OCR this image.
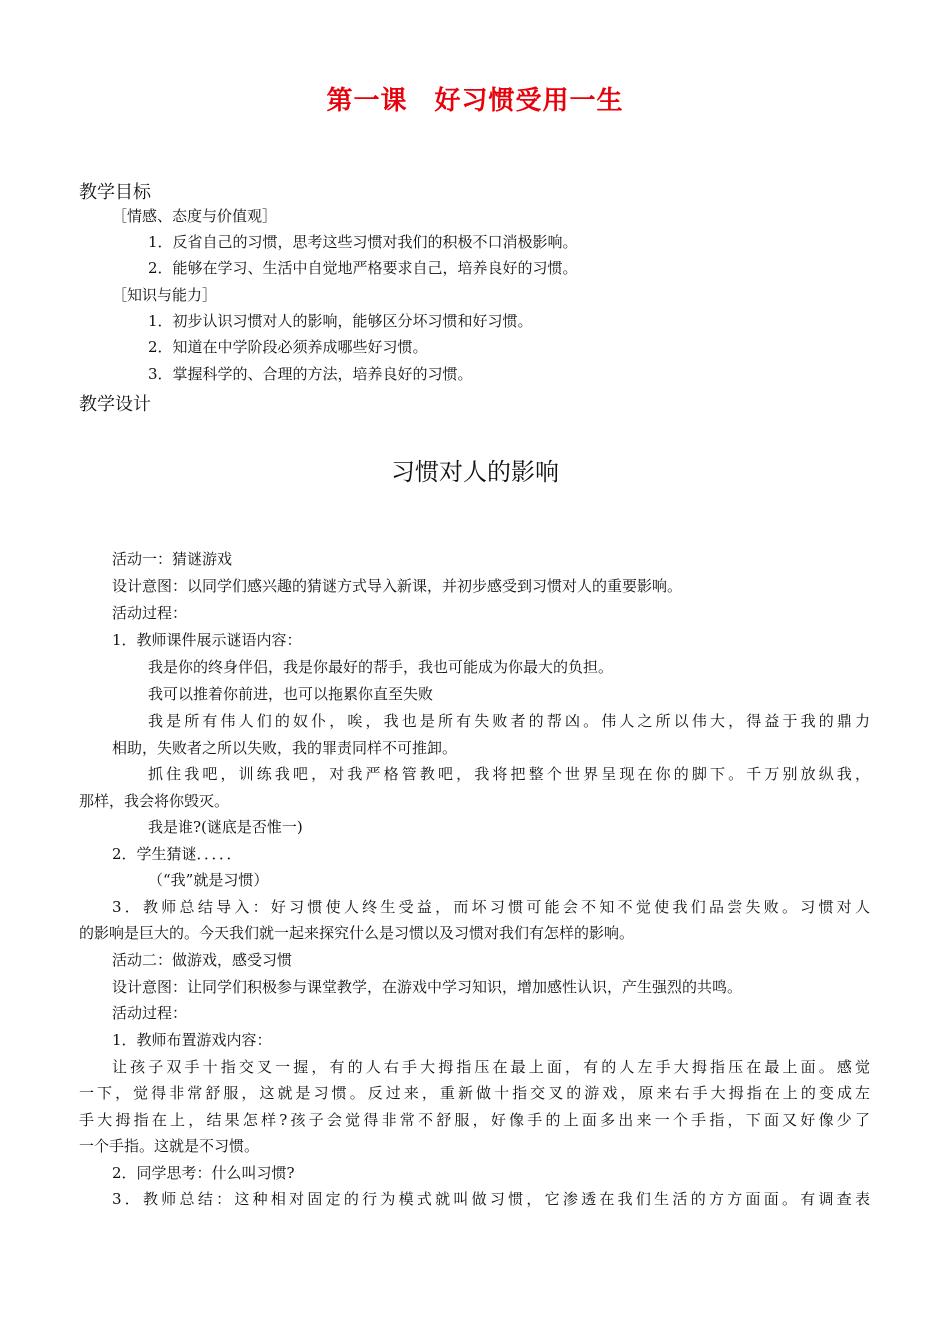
第一课　好习惯受用一生
教学目标
［情感、态度与价值观］
1．反省自己的习惯，思考这些习惯对我们的积极不口消极影响。
2．能够在学习、生活中自觉地严格要求自己，培养良好的习惯。
［知识与能力］
1．初步认识习惯对人的影响，能够区分坏习惯和好习惯。
2．知道在中学阶段必须养成哪些好习惯。
3．掌握科学的、合理的方法，培养良好的习惯。
教学设计
习惯对人的影响
活动一：猜谜游戏
设计意图：以同学们感兴趣的猜谜方式导入新课，并初步感受到习惯对人的重要影响。
活动过程：
1．教师课件展示谜语内容：
我是你的终身伴侣，我是你最好的帮手，我也可能成为你最大的负担。
我可以推着你前进，也可以拖累你直至失败
我是所有伟人们的奴仆，唉，我也是所有失败者的帮凶。伟人之所以伟大，得益于我的鼎力
相助，失败者之所以失败，我的罪责同样不可推卸。
抓住我吧，训练我吧，对我严格管教吧，我将把整个世界呈现在你的脚下。千万别放纵我，
那样，我会将你毁灭。
我是谁?(谜底是否惟一)
2．学生猜谜．．．．．
（“我”就是习惯）
3．教师总结导入：好习惯使人终生受益，而坏习惯可能会不知不觉使我们品尝失败。习惯对人
的影响是巨大的。今天我们就一起来探究什么是习惯以及习惯对我们有怎样的影响。
活动二：做游戏，感受习惯
设计意图：让同学们积极参与课堂教学，在游戏中学习知识，增加感性认识，产生强烈的共鸣。
活动过程：
1．教师布置游戏内容：
让孩子双手十指交叉一握，有的人右手大拇指压在最上面，有的人左手大拇指压在最上面。感觉
一下，觉得非常舒服，这就是习惯。反过来，重新做十指交叉的游戏，原来右手大拇指在上的变成左
手大拇指在上，结果怎样?孩子会觉得非常不舒服，好像手的上面多出来一个手指，下面又好像少了
一个手指。这就是不习惯。
2．同学思考：什么叫习惯?
3．教师总结：这种相对固定的行为模式就叫做习惯，它渗透在我们生活的方方面面。有调查表
